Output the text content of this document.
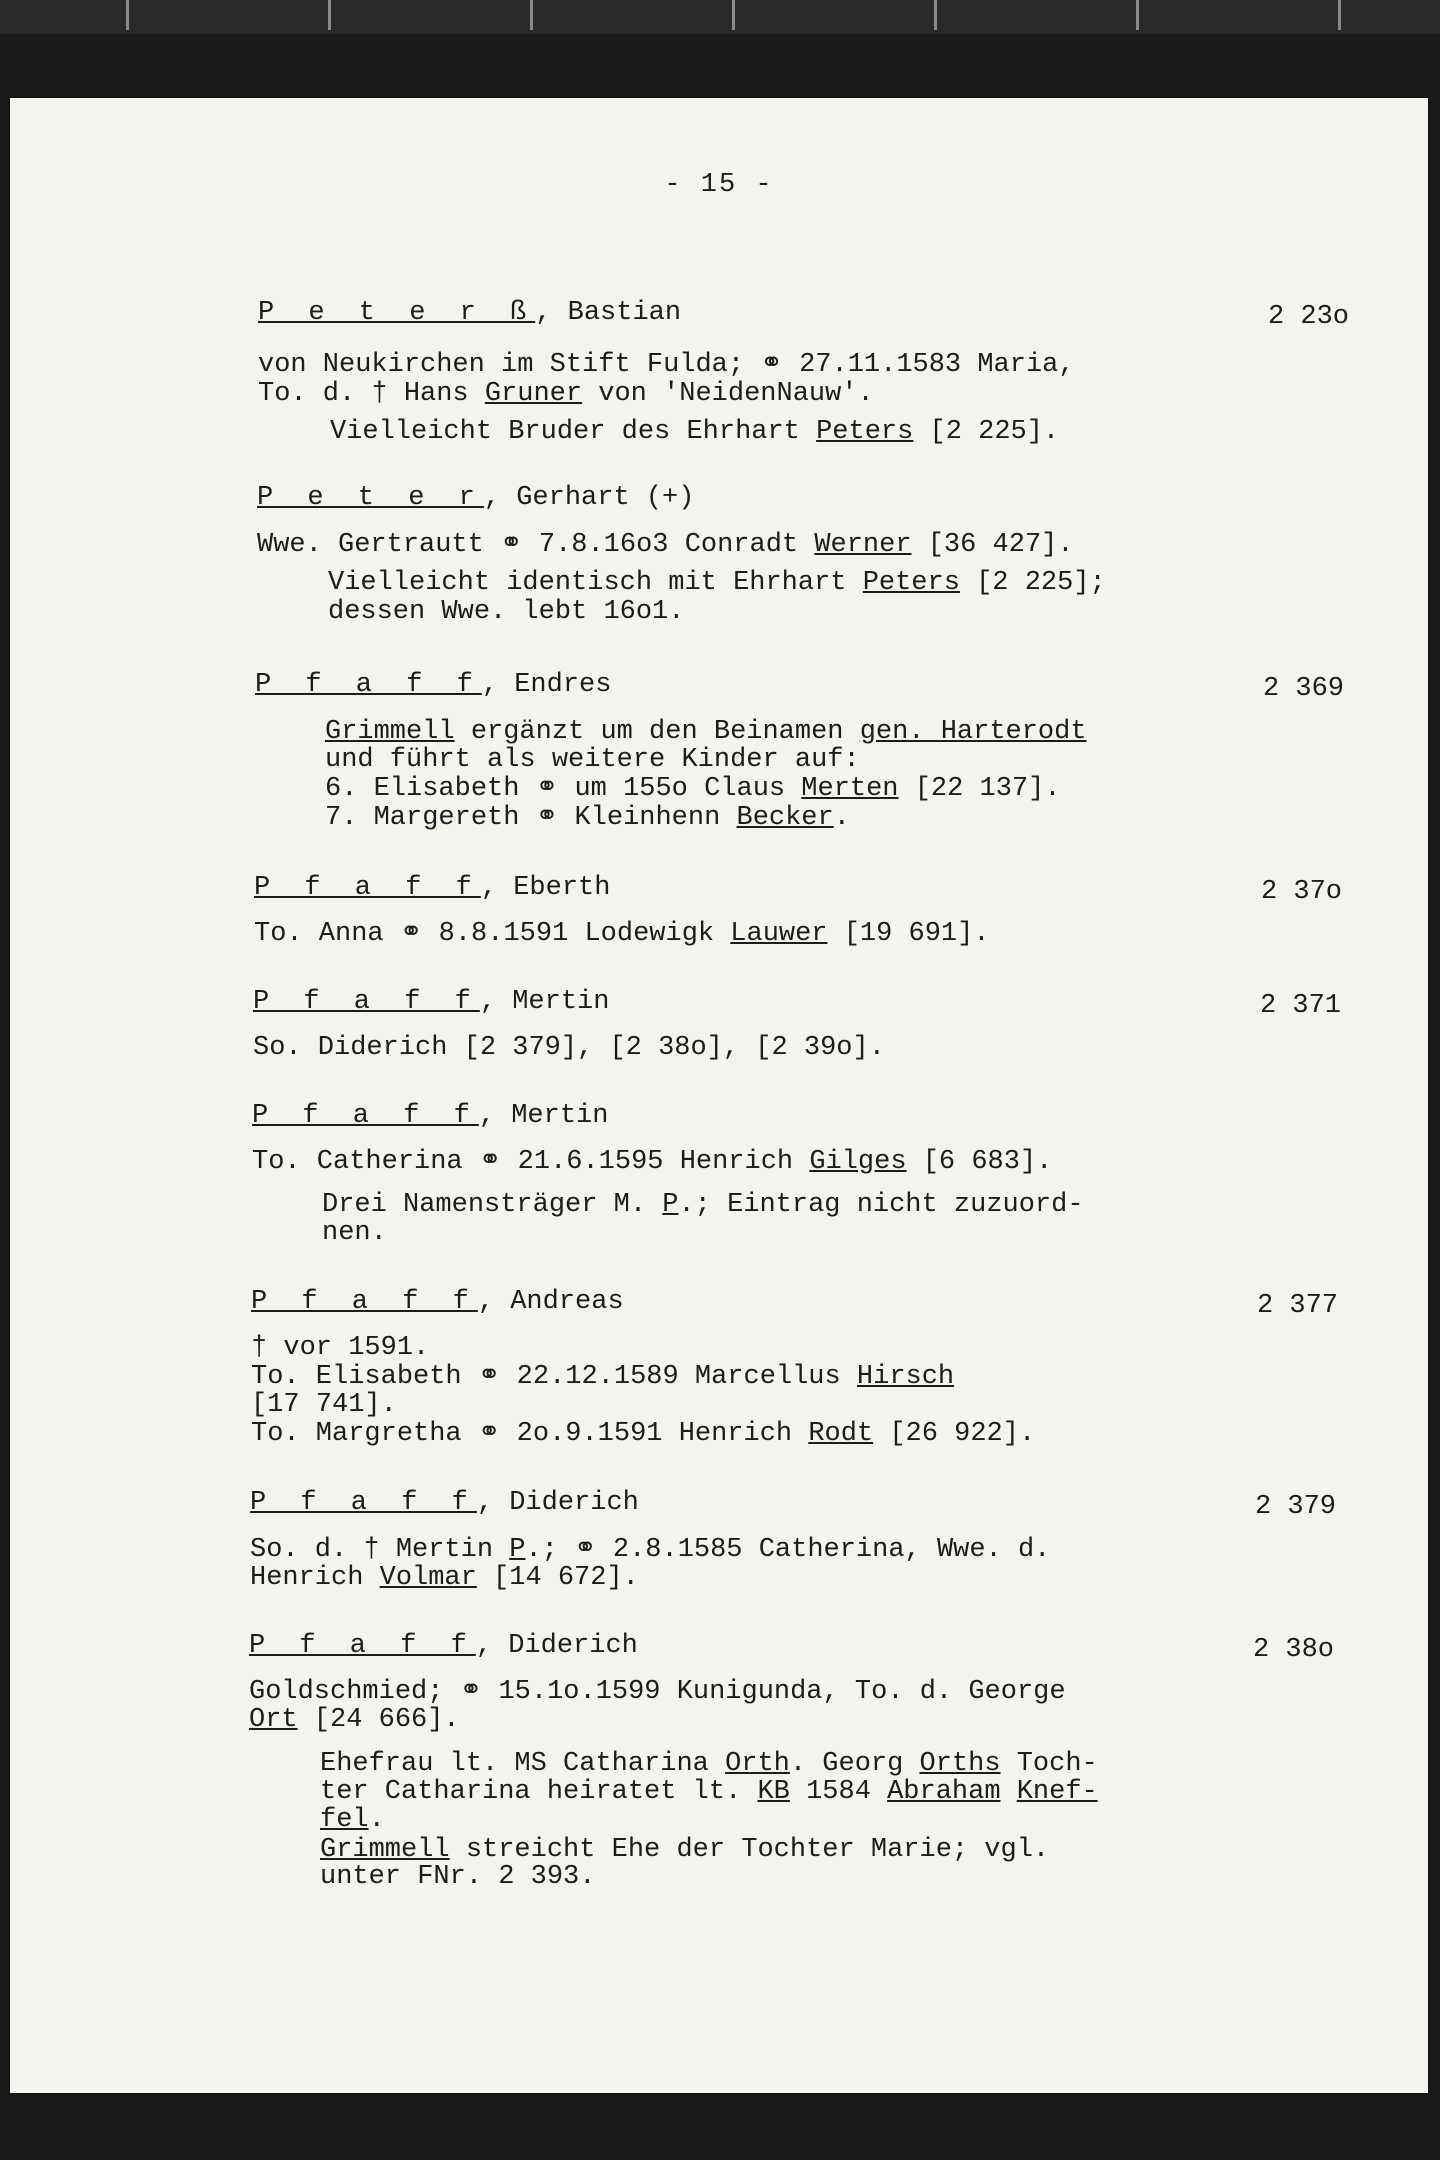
- 15 -
P e t e r ß, Bastian	2 23o
von Neukirchen im Stift Fulda; ⚭ 27.11.1583 Maria,
To. d. † Hans Gruner von 'NeidenNauw'.
Vielleicht Bruder des Ehrhart Peters [2 225].
P e t e r, Gerhart (+)
Wwe. Gertrautt ⚭ 7.8.16o3 Conradt Werner [36 427].
Vielleicht identisch mit Ehrhart Peters [2 225];
dessen Wwe. lebt 16o1.
P f a f f, Endres	2 369
Grimmell ergänzt um den Beinamen gen. Harterodt
und führt als weitere Kinder auf:
6. Elisabeth ⚭ um 155o Claus Merten [22 137].
7. Margereth ⚭ Kleinhenn Becker.
P f a f f, Eberth	2 37o
To. Anna ⚭ 8.8.1591 Lodewigk Lauwer [19 691].
P f a f f, Mertin	2 371
So. Diderich [2 379], [2 38o], [2 39o].
P f a f f, Mertin
To. Catherina ⚭ 21.6.1595 Henrich Gilges [6 683].
Drei Namensträger M. P.; Eintrag nicht zuzuord-
nen.
P f a f f, Andreas	2 377
† vor 1591.
To. Elisabeth ⚭ 22.12.1589 Marcellus Hirsch
[17 741].
To. Margretha ⚭ 2o.9.1591 Henrich Rodt [26 922].
P f a f f, Diderich	2 379
So. d. † Mertin P.; ⚭ 2.8.1585 Catherina, Wwe. d.
Henrich Volmar [14 672].
P f a f f, Diderich	2 38o
Goldschmied; ⚭ 15.1o.1599 Kunigunda, To. d. George
Ort [24 666].
Ehefrau lt. MS Catharina Orth. Georg Orths Toch-
ter Catharina heiratet lt. KB 1584 Abraham Knef-
fel.
Grimmell streicht Ehe der Tochter Marie; vgl.
unter FNr. 2 393.
